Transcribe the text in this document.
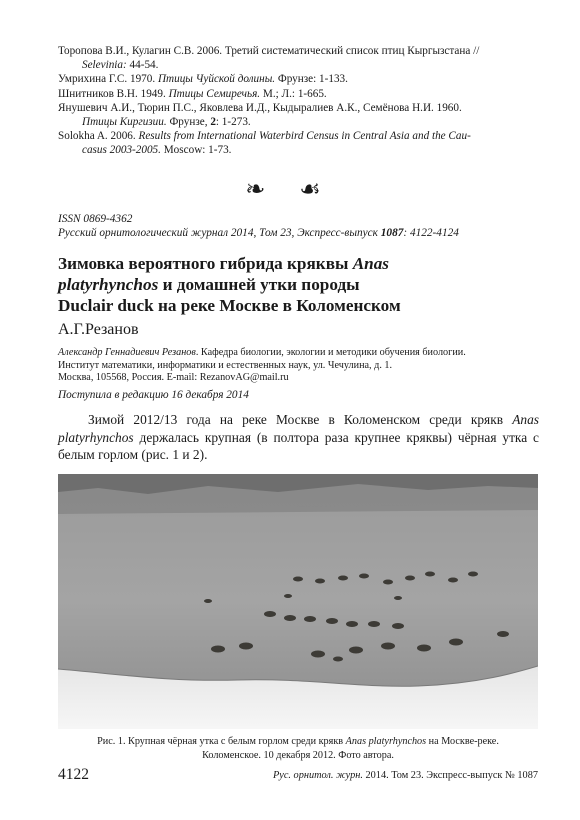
Торопова В.И., Кулагин С.В. 2006. Третий систематический список птиц Кыргызстана //
Selevinia: 44-54.
Умрихина Г.С. 1970. Птицы Чуйской долины. Фрунзе: 1-133.
Шнитников В.Н. 1949. Птицы Семиречья. М.; Л.: 1-665.
Янушевич А.И., Тюрин П.С., Яковлева И.Д., Кыдыралиев А.К., Семёнова Н.И. 1960.
Птицы Киргизии. Фрунзе, 2: 1-273.
Solokha A. 2006. Results from International Waterbird Census in Central Asia and the Cau-
casus 2003-2005. Moscow: 1-73.
❧ ☙
ISSN 0869-4362
Русский орнитологический журнал 2014, Том 23, Экспресс-выпуск 1087: 4122-4124
Зимовка вероятного гибрида кряквы Anas
platyrhynchos и домашней утки породы
Duclair duck на реке Москве в Коломенском
А.Г.Резанов
Александр Геннадиевич Резанов. Кафедра биологии, экологии и методики обучения биологии.
Институт математики, информатики и естественных наук, ул. Чечулина, д. 1.
Москва, 105568, Россия. E-mail: RezanovAG@mail.ru
Поступила в редакцию 16 декабря 2014
Зимой 2012/13 года на реке Москве в Коломенском среди крякв Anas platyrhynchos держалась крупная (в полтора раза крупнее кряквы) чёрная утка с белым горлом (рис. 1 и 2).
Рис. 1. Крупная чёрная утка с белым горлом среди крякв Anas platyrhynchos на Москве-реке.
Коломенское. 10 декабря 2012. Фото автора.
4122	Рус. орнитол. журн. 2014. Том 23. Экспресс-выпуск № 1087
